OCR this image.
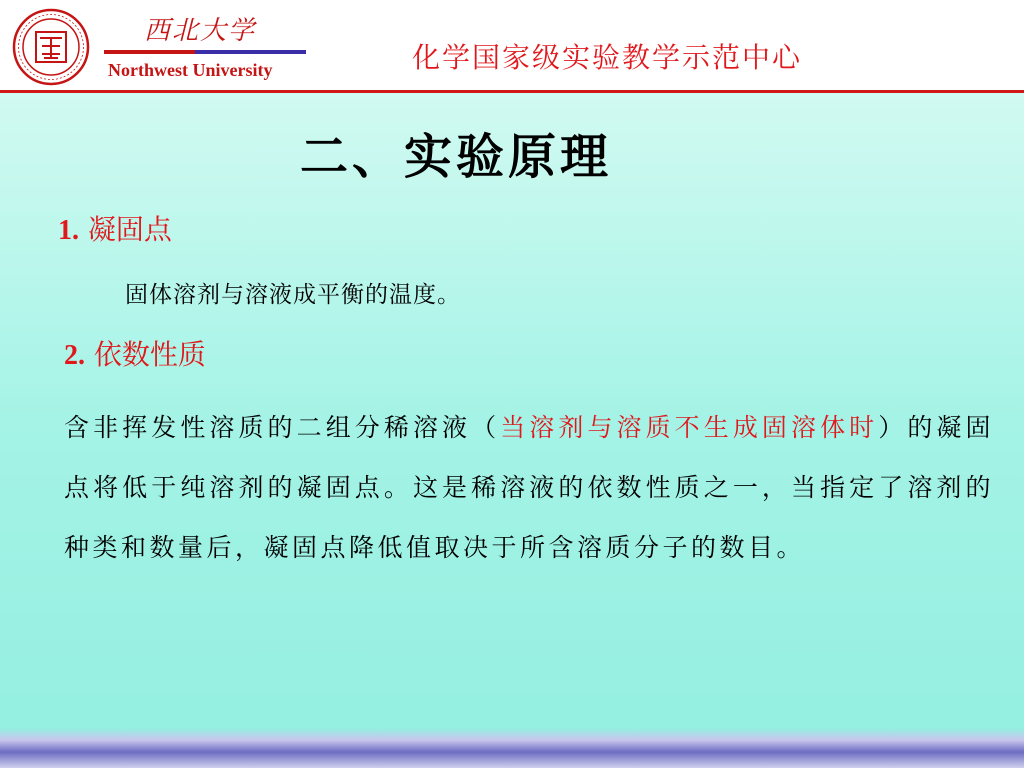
西北大学
Northwest University	化学国家级实验教学示范中心
二、实验原理
1. 凝固点
固体溶剂与溶液成平衡的温度。
2. 依数性质
含非挥发性溶质的二组分稀溶液（当溶剂与溶质不生成固溶体时）的凝固点将低于纯溶剂的凝固点。这是稀溶液的依数性质之一，当指定了溶剂的种类和数量后，凝固点降低值取决于所含溶质分子的数目。
